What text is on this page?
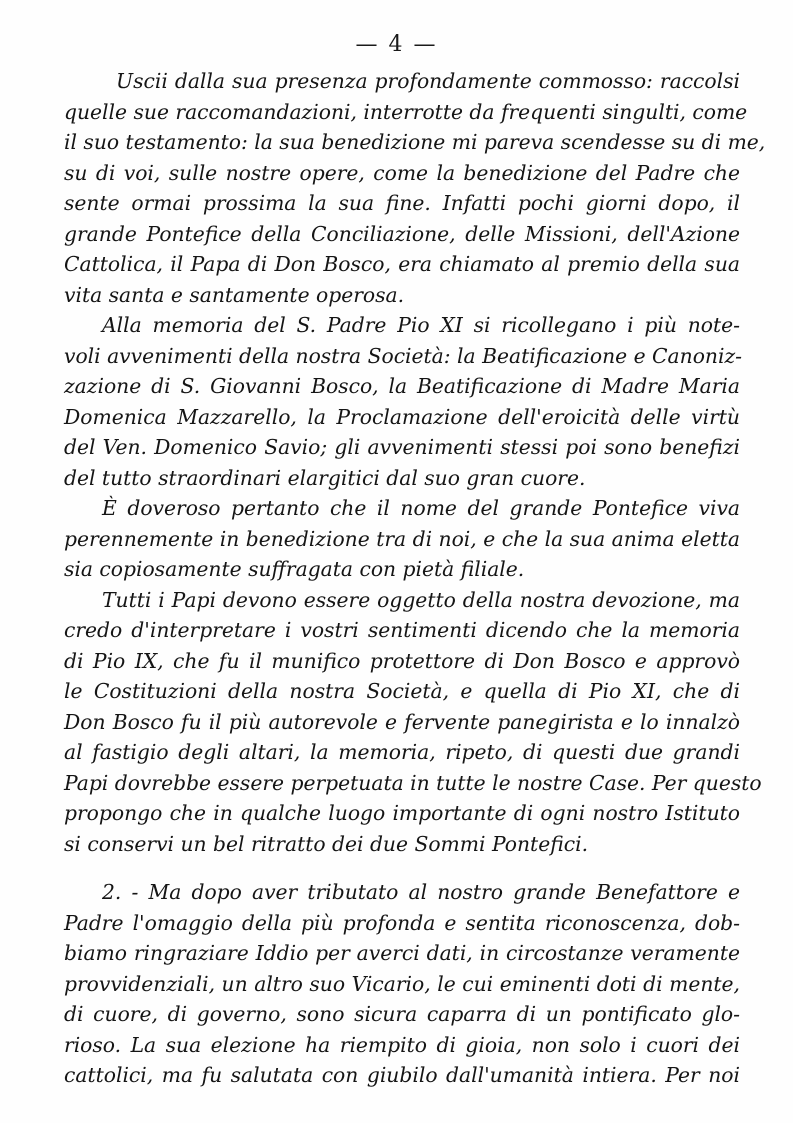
— 4 —
Uscii dalla sua presenza profondamente commosso: raccolsi
quelle sue raccomandazioni, interrotte da frequenti singulti, come
il suo testamento: la sua benedizione mi pareva scendesse su di me,
su di voi, sulle nostre opere, come la benedizione del Padre che
sente ormai prossima la sua fine. Infatti pochi giorni dopo, il
grande Pontefice della Conciliazione, delle Missioni, dell'Azione
Cattolica, il Papa di Don Bosco, era chiamato al premio della sua
vita santa e santamente operosa.
Alla memoria del S. Padre Pio XI si ricollegano i più note-
voli avvenimenti della nostra Società: la Beatificazione e Canoniz-
zazione di S. Giovanni Bosco, la Beatificazione di Madre Maria
Domenica Mazzarello, la Proclamazione dell'eroicità delle virtù
del Ven. Domenico Savio; gli avvenimenti stessi poi sono benefizi
del tutto straordinari elargitici dal suo gran cuore.
È doveroso pertanto che il nome del grande Pontefice viva
perennemente in benedizione tra di noi, e che la sua anima eletta
sia copiosamente suffragata con pietà filiale.
Tutti i Papi devono essere oggetto della nostra devozione, ma
credo d'interpretare i vostri sentimenti dicendo che la memoria
di Pio IX, che fu il munifico protettore di Don Bosco e approvò
le Costituzioni della nostra Società, e quella di Pio XI, che di
Don Bosco fu il più autorevole e fervente panegirista e lo innalzò
al fastigio degli altari, la memoria, ripeto, di questi due grandi
Papi dovrebbe essere perpetuata in tutte le nostre Case. Per questo
propongo che in qualche luogo importante di ogni nostro Istituto
si conservi un bel ritratto dei due Sommi Pontefici.
2. - Ma dopo aver tributato al nostro grande Benefattore e
Padre l'omaggio della più profonda e sentita riconoscenza, dob-
biamo ringraziare Iddio per averci dati, in circostanze veramente
provvidenziali, un altro suo Vicario, le cui eminenti doti di mente,
di cuore, di governo, sono sicura caparra di un pontificato glo-
rioso. La sua elezione ha riempito di gioia, non solo i cuori dei
cattolici, ma fu salutata con giubilo dall'umanità intiera. Per noi
